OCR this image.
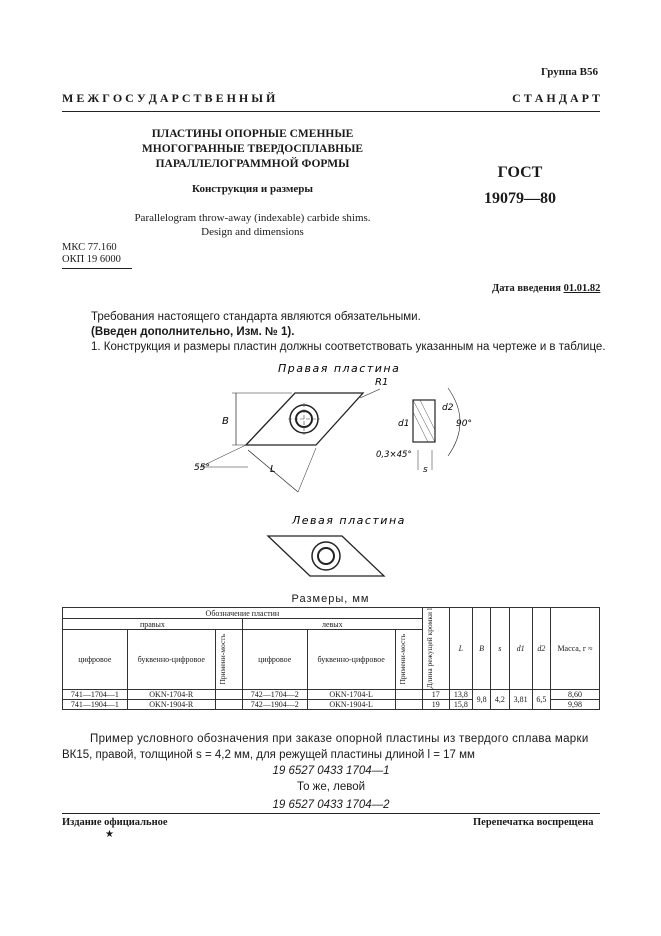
Группа В56
М Е Ж Г О С У Д А Р С Т В Е Н Н Ы Й	С Т А Н Д А Р Т
ПЛАСТИНЫ ОПОРНЫЕ СМЕННЫЕ
МНОГОГРАННЫЕ ТВЕРДОСПЛАВНЫЕ
ПАРАЛЛЕЛОГРАММНОЙ ФОРМЫ
Конструкция и размеры
Parallelogram throw-away (indexable) carbide shims.
Design and dimensions
ГОСТ
19079—80
МКС 77.160
ОКП 19 6000
Дата введения 01.01.82
Требования настоящего стандарта являются обязательными.
(Введен дополнительно, Изм. № 1).
1. Конструкция и размеры пластин должны соответствовать указанным на чертеже и в таблице.
Правая пластина
B
R1
L
55°
d1
d2
90°
0,3×45°
s
Левая пластина
Размеры, мм
Обозначение пластин						Длина режущей кромки l	L	B	s	d1	d2	Масса, г ≈
правых			левых									
цифровое	буквенно-цифровое	Примени-мость	цифровое	буквенно-цифровое	Примени-мость							

741—1704—1	OKN-1704-R		742—1704—2	OKN-1704-L		17	13,8	9,8	4,2	3,81	6,5	8,60
741—1904—1	OKN-1904-R		742—1904—2	OKN-1904-L		19	15,8					9,98

Пример условного обозначения при заказе опорной пластины из твердого сплава марки

ВК15, правой, толщиной s = 4,2 мм, для режущей пластины длиной l = 17 мм

19 6527 0433 1704—1

То же, левой

19 6527 0433 1704—2

Издание официальное	Перепечатка воспрещена
★
